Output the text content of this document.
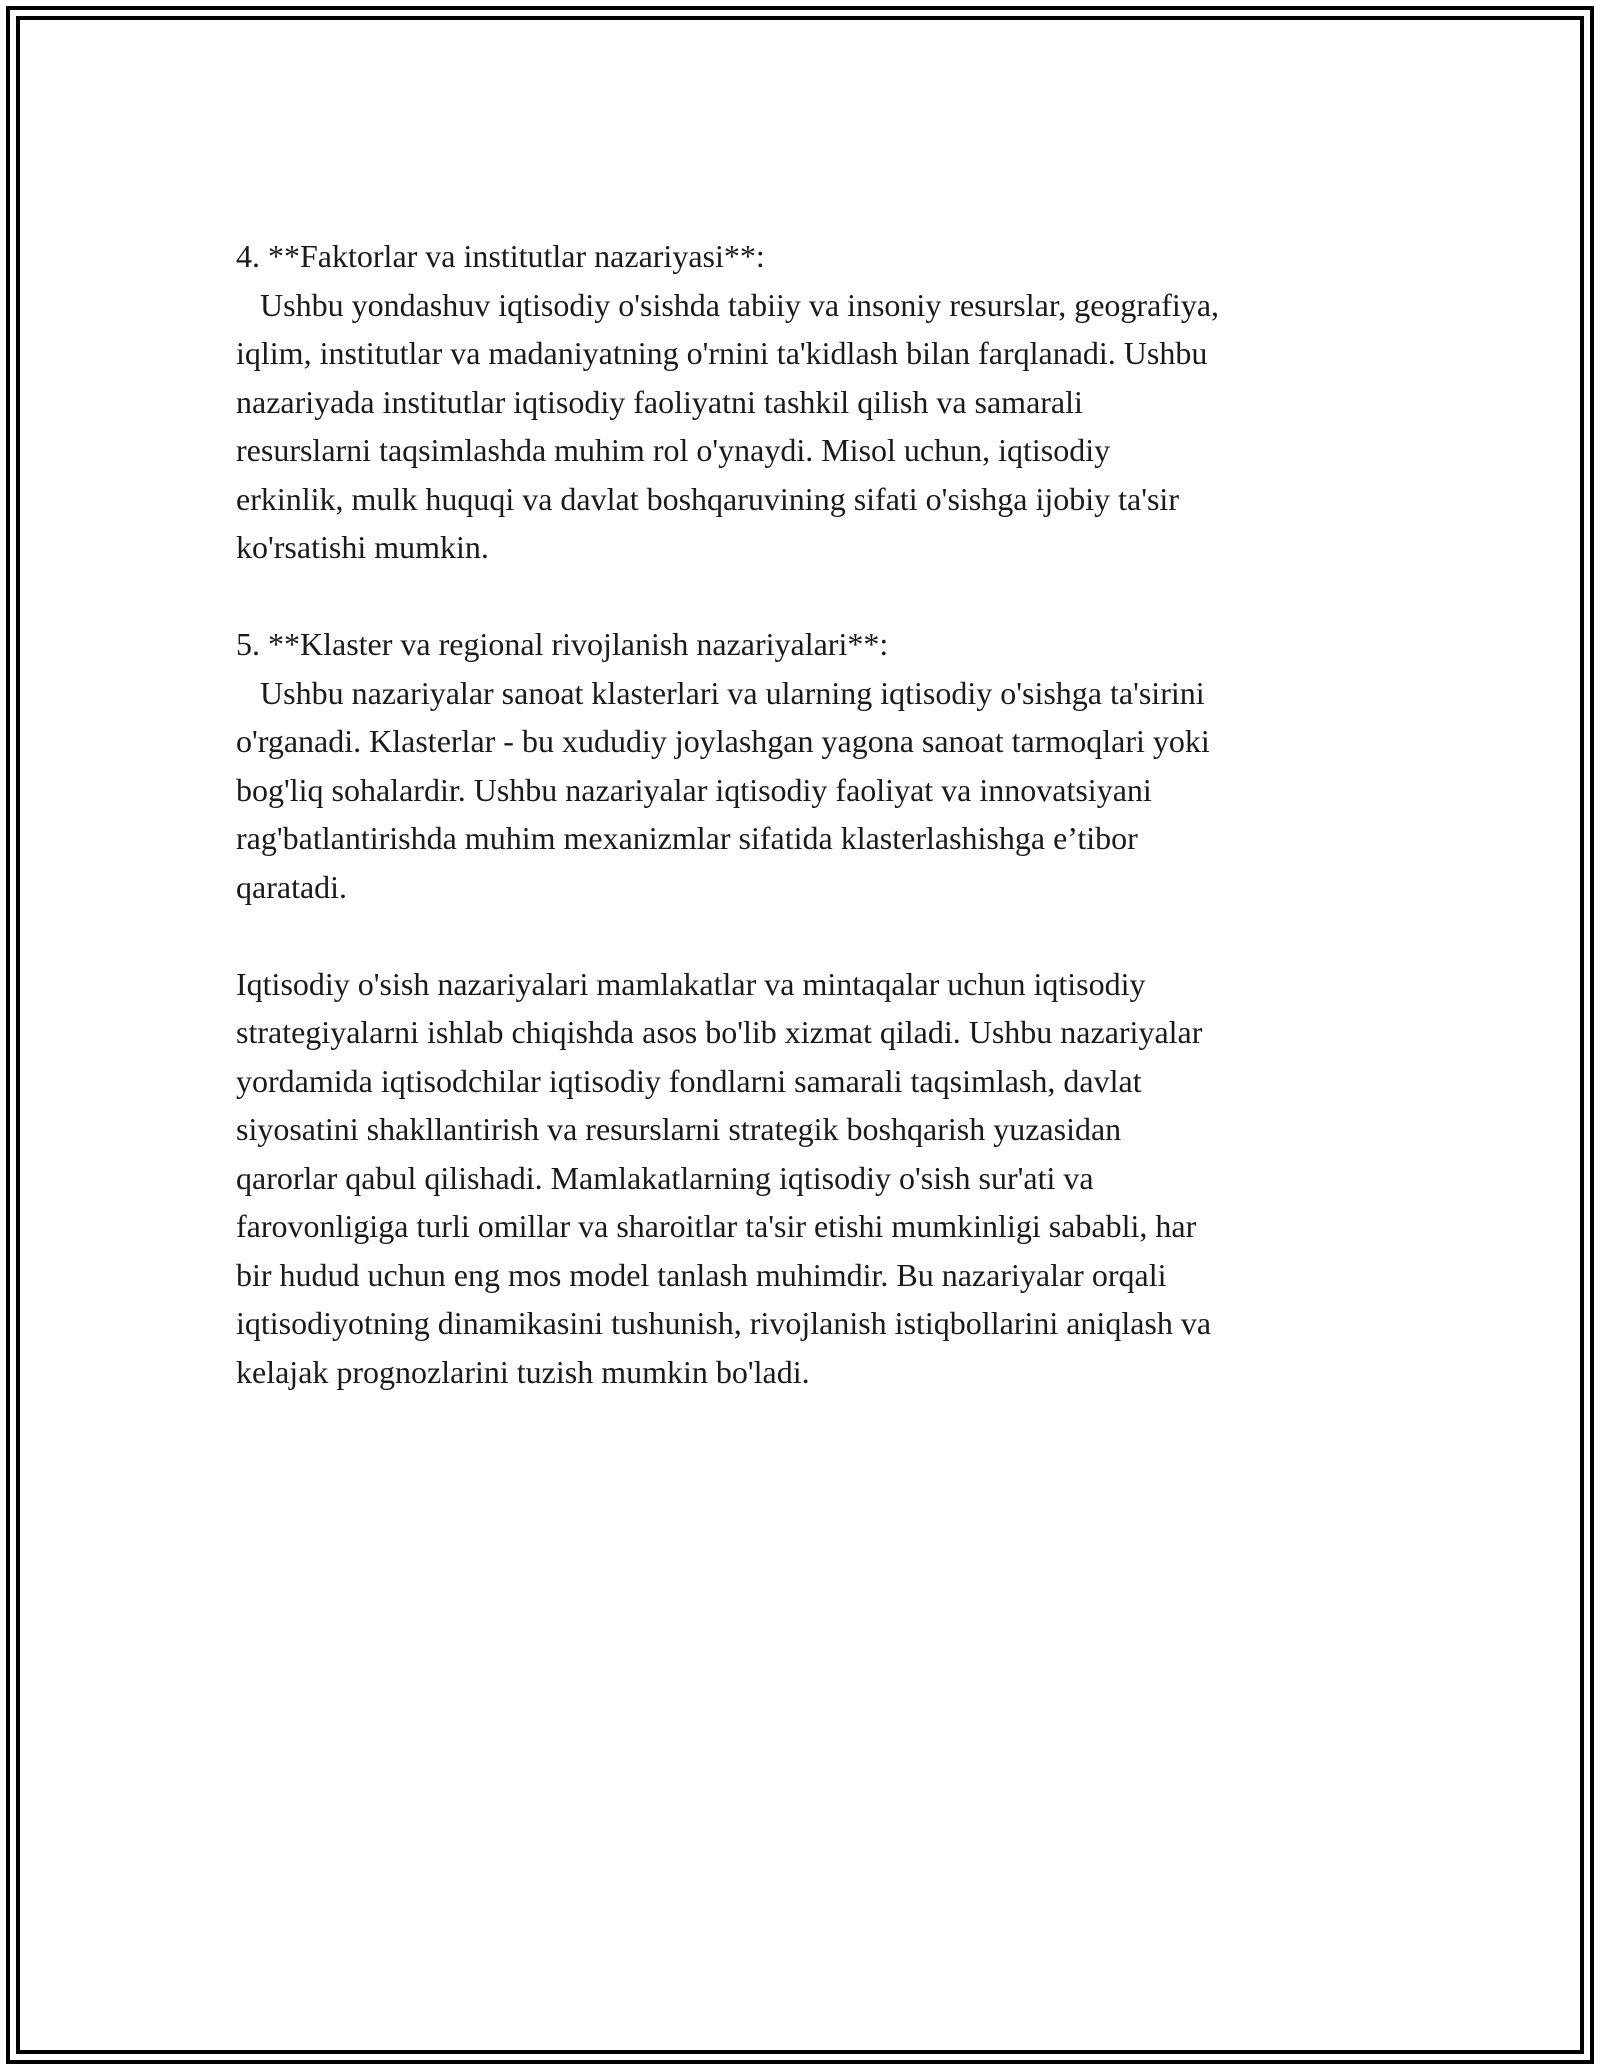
4. **Faktorlar va institutlar nazariyasi**:
Ushbu yondashuv iqtisodiy o'sishda tabiiy va insoniy resurslar, geografiya,
iqlim, institutlar va madaniyatning o'rnini ta'kidlash bilan farqlanadi. Ushbu
nazariyada institutlar iqtisodiy faoliyatni tashkil qilish va samarali
resurslarni taqsimlashda muhim rol o'ynaydi. Misol uchun, iqtisodiy
erkinlik, mulk huquqi va davlat boshqaruvining sifati o'sishga ijobiy ta'sir
ko'rsatishi mumkin.
5. **Klaster va regional rivojlanish nazariyalari**:
Ushbu nazariyalar sanoat klasterlari va ularning iqtisodiy o'sishga ta'sirini
o'rganadi. Klasterlar - bu xududiy joylashgan yagona sanoat tarmoqlari yoki
bog'liq sohalardir. Ushbu nazariyalar iqtisodiy faoliyat va innovatsiyani
rag'batlantirishda muhim mexanizmlar sifatida klasterlashishga e’tibor
qaratadi.
Iqtisodiy o'sish nazariyalari mamlakatlar va mintaqalar uchun iqtisodiy
strategiyalarni ishlab chiqishda asos bo'lib xizmat qiladi. Ushbu nazariyalar
yordamida iqtisodchilar iqtisodiy fondlarni samarali taqsimlash, davlat
siyosatini shakllantirish va resurslarni strategik boshqarish yuzasidan
qarorlar qabul qilishadi. Mamlakatlarning iqtisodiy o'sish sur'ati va
farovonligiga turli omillar va sharoitlar ta'sir etishi mumkinligi sababli, har
bir hudud uchun eng mos model tanlash muhimdir. Bu nazariyalar orqali
iqtisodiyotning dinamikasini tushunish, rivojlanish istiqbollarini aniqlash va
kelajak prognozlarini tuzish mumkin bo'ladi.
